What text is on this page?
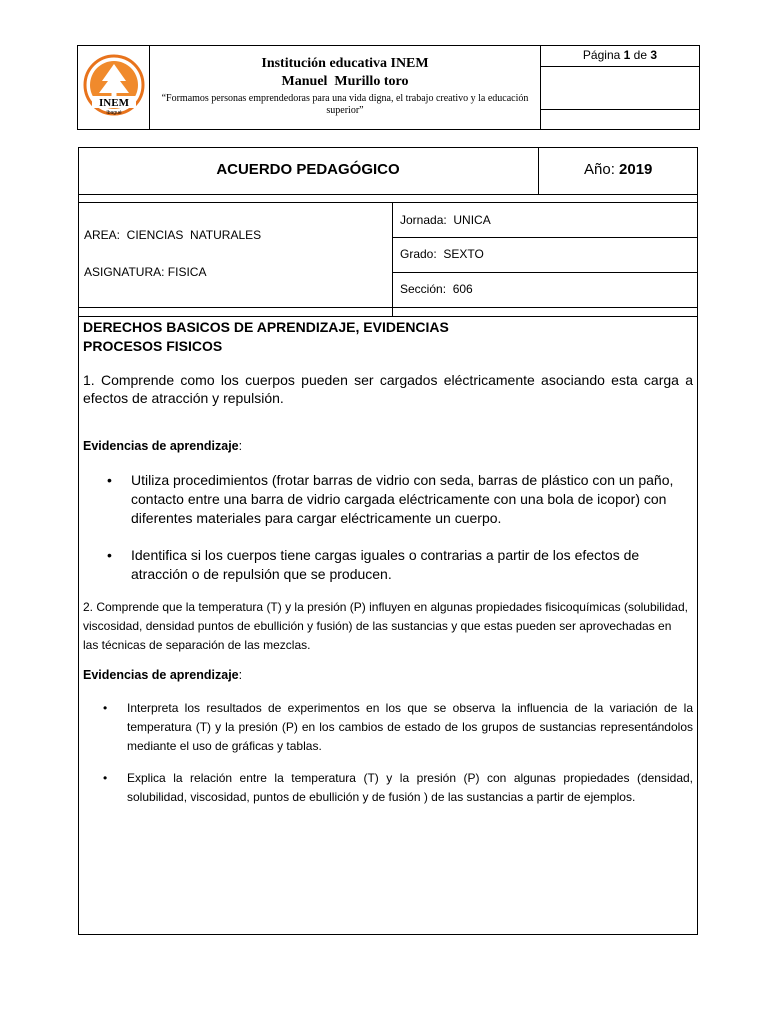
INEM
Ibagué
Institución educativa INEM
Manuel  Murillo toro
“Formamos personas emprendedoras para una vida digna, el trabajo creativo y la educación superior”
Página 1 de 3
ACUERDO PEDAGÓGICO	Año: 2019
AREA:  CIENCIAS  NATURALES
ASIGNATURA: FISICA
Jornada:  UNICA
Grado:  SEXTO
Sección:  606
DERECHOS BASICOS DE APRENDIZAJE, EVIDENCIAS
PROCESOS FISICOS

1. Comprende como los cuerpos pueden ser cargados eléctricamente asociando esta carga a efectos de atracción y repulsión.

Evidencias de aprendizaje:
• Utiliza procedimientos (frotar barras de vidrio con seda, barras de plástico con un paño, contacto entre una barra de vidrio cargada eléctricamente con una bola de icopor) con diferentes materiales para cargar eléctricamente un cuerpo.
• Identifica si los cuerpos tiene cargas iguales o contrarias a partir de los efectos de atracción o de repulsión que se producen.

2. Comprende que la temperatura (T) y la presión (P) influyen en algunas propiedades fisicoquímicas (solubilidad, viscosidad, densidad puntos de ebullición y fusión) de las sustancias y que estas pueden ser aprovechadas en las técnicas de separación de las mezclas.

Evidencias de aprendizaje:
• Interpreta los resultados de experimentos en los que se observa la influencia de la variación de la temperatura (T) y la presión (P) en los cambios de estado de los grupos de sustancias representándolos mediante el uso de gráficas y tablas.
• Explica la relación entre la temperatura (T) y la presión (P) con algunas propiedades (densidad, solubilidad, viscosidad, puntos de ebullición y de fusión ) de las sustancias a partir de ejemplos.
